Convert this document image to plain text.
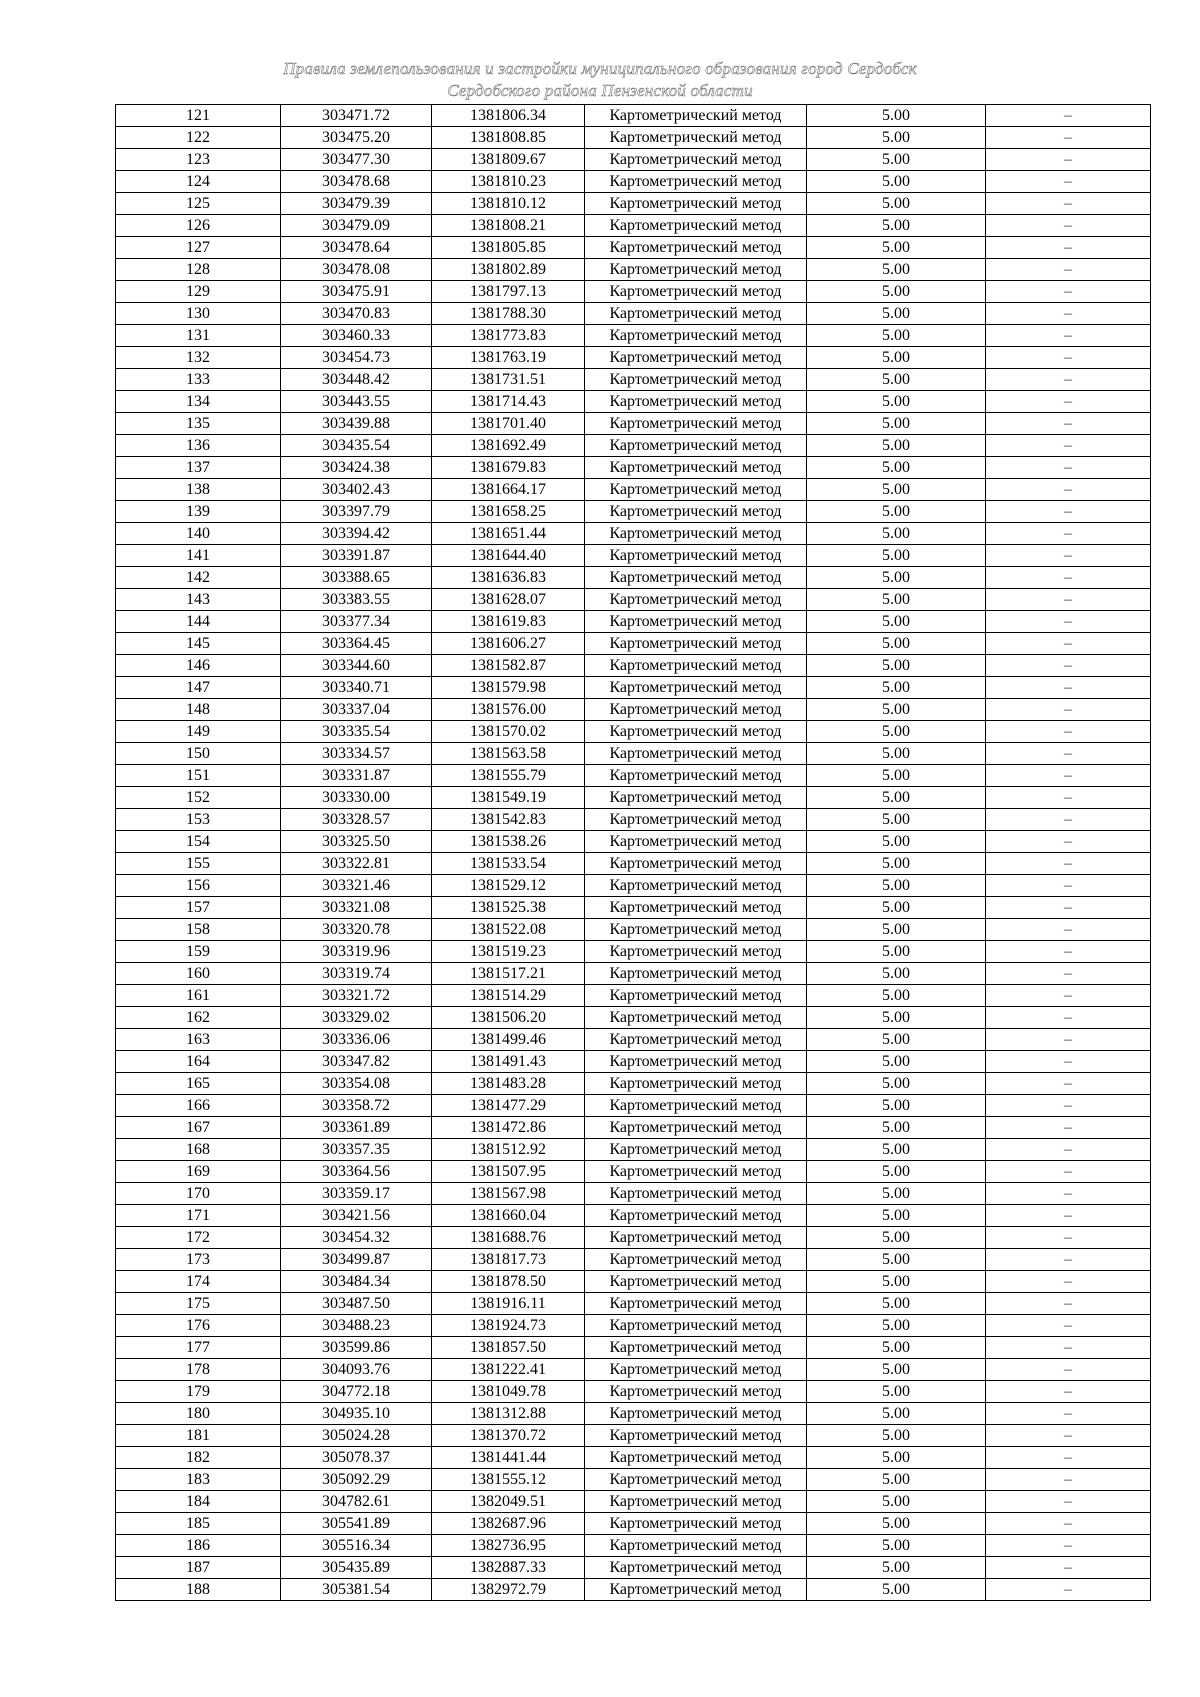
Правила землепользования и застройки муниципального образования город Сердобск
Сердобского района Пензенской области
121	303471.72	1381806.34	Картометрический метод	5.00	–
122	303475.20	1381808.85	Картометрический метод	5.00	–
123	303477.30	1381809.67	Картометрический метод	5.00	–
124	303478.68	1381810.23	Картометрический метод	5.00	–
125	303479.39	1381810.12	Картометрический метод	5.00	–
126	303479.09	1381808.21	Картометрический метод	5.00	–
127	303478.64	1381805.85	Картометрический метод	5.00	–
128	303478.08	1381802.89	Картометрический метод	5.00	–
129	303475.91	1381797.13	Картометрический метод	5.00	–
130	303470.83	1381788.30	Картометрический метод	5.00	–
131	303460.33	1381773.83	Картометрический метод	5.00	–
132	303454.73	1381763.19	Картометрический метод	5.00	–
133	303448.42	1381731.51	Картометрический метод	5.00	–
134	303443.55	1381714.43	Картометрический метод	5.00	–
135	303439.88	1381701.40	Картометрический метод	5.00	–
136	303435.54	1381692.49	Картометрический метод	5.00	–
137	303424.38	1381679.83	Картометрический метод	5.00	–
138	303402.43	1381664.17	Картометрический метод	5.00	–
139	303397.79	1381658.25	Картометрический метод	5.00	–
140	303394.42	1381651.44	Картометрический метод	5.00	–
141	303391.87	1381644.40	Картометрический метод	5.00	–
142	303388.65	1381636.83	Картометрический метод	5.00	–
143	303383.55	1381628.07	Картометрический метод	5.00	–
144	303377.34	1381619.83	Картометрический метод	5.00	–
145	303364.45	1381606.27	Картометрический метод	5.00	–
146	303344.60	1381582.87	Картометрический метод	5.00	–
147	303340.71	1381579.98	Картометрический метод	5.00	–
148	303337.04	1381576.00	Картометрический метод	5.00	–
149	303335.54	1381570.02	Картометрический метод	5.00	–
150	303334.57	1381563.58	Картометрический метод	5.00	–
151	303331.87	1381555.79	Картометрический метод	5.00	–
152	303330.00	1381549.19	Картометрический метод	5.00	–
153	303328.57	1381542.83	Картометрический метод	5.00	–
154	303325.50	1381538.26	Картометрический метод	5.00	–
155	303322.81	1381533.54	Картометрический метод	5.00	–
156	303321.46	1381529.12	Картометрический метод	5.00	–
157	303321.08	1381525.38	Картометрический метод	5.00	–
158	303320.78	1381522.08	Картометрический метод	5.00	–
159	303319.96	1381519.23	Картометрический метод	5.00	–
160	303319.74	1381517.21	Картометрический метод	5.00	–
161	303321.72	1381514.29	Картометрический метод	5.00	–
162	303329.02	1381506.20	Картометрический метод	5.00	–
163	303336.06	1381499.46	Картометрический метод	5.00	–
164	303347.82	1381491.43	Картометрический метод	5.00	–
165	303354.08	1381483.28	Картометрический метод	5.00	–
166	303358.72	1381477.29	Картометрический метод	5.00	–
167	303361.89	1381472.86	Картометрический метод	5.00	–
168	303357.35	1381512.92	Картометрический метод	5.00	–
169	303364.56	1381507.95	Картометрический метод	5.00	–
170	303359.17	1381567.98	Картометрический метод	5.00	–
171	303421.56	1381660.04	Картометрический метод	5.00	–
172	303454.32	1381688.76	Картометрический метод	5.00	–
173	303499.87	1381817.73	Картометрический метод	5.00	–
174	303484.34	1381878.50	Картометрический метод	5.00	–
175	303487.50	1381916.11	Картометрический метод	5.00	–
176	303488.23	1381924.73	Картометрический метод	5.00	–
177	303599.86	1381857.50	Картометрический метод	5.00	–
178	304093.76	1381222.41	Картометрический метод	5.00	–
179	304772.18	1381049.78	Картометрический метод	5.00	–
180	304935.10	1381312.88	Картометрический метод	5.00	–
181	305024.28	1381370.72	Картометрический метод	5.00	–
182	305078.37	1381441.44	Картометрический метод	5.00	–
183	305092.29	1381555.12	Картометрический метод	5.00	–
184	304782.61	1382049.51	Картометрический метод	5.00	–
185	305541.89	1382687.96	Картометрический метод	5.00	–
186	305516.34	1382736.95	Картометрический метод	5.00	–
187	305435.89	1382887.33	Картометрический метод	5.00	–
188	305381.54	1382972.79	Картометрический метод	5.00	–
